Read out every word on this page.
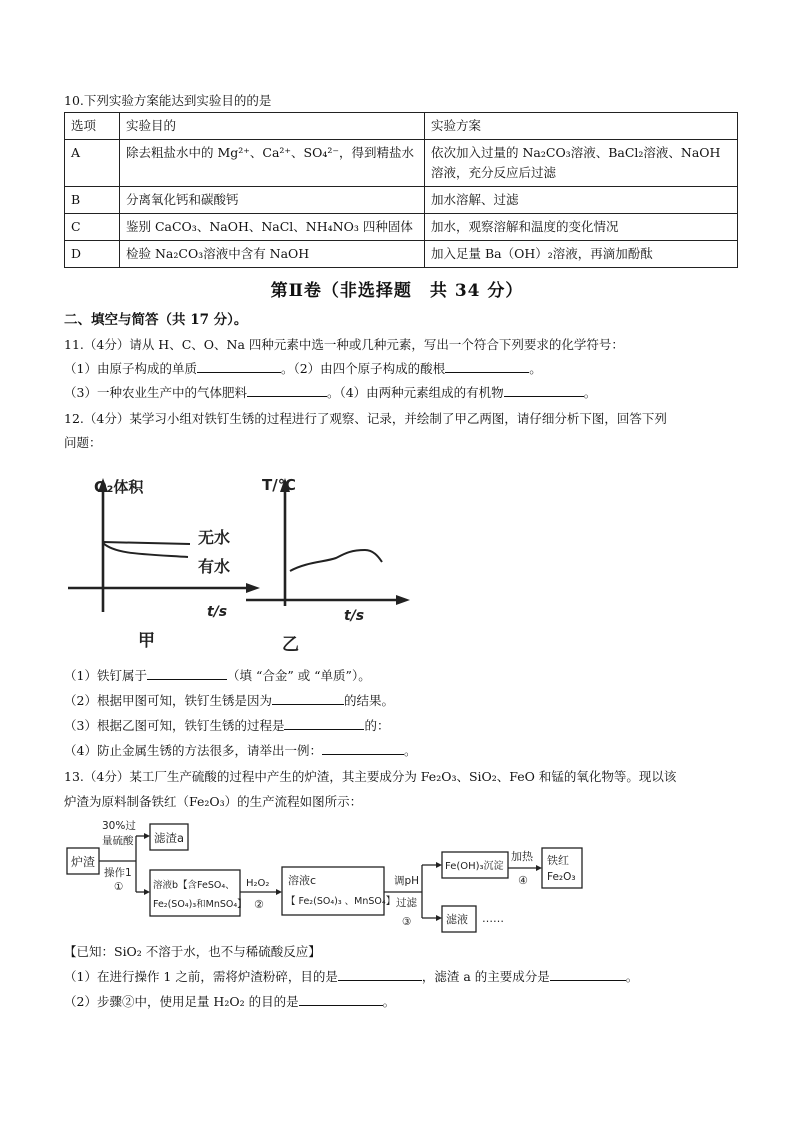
10.下列实验方案能达到实验目的的是
选项	实验目的	实验方案
A	除去粗盐水中的 Mg²⁺、Ca²⁺、SO₄²⁻，得到精盐水	依次加入过量的 Na₂CO₃溶液、BaCl₂溶液、NaOH
溶液，充分反应后过滤

B	分离氧化钙和碳酸钙	加水溶解、过滤
C	鉴别 CaCO₃、NaOH、NaCl、NH₄NO₃ 四种固体	加水，观察溶解和温度的变化情况
D	检验 Na₂CO₃溶液中含有 NaOH	加入足量 Ba（OH）₂溶液，再滴加酚酞
第Ⅱ卷（非选择题　共 34 分）
二、填空与简答（共 17 分）。
11.（4分）请从 H、C、O、Na 四种元素中选一种或几种元素，写出一个符合下列要求的化学符号：
（1）由原子构成的单质	。（2）由四个原子构成的酸根	。
（3）一种农业生产中的气体肥料	。（4）由两种元素组成的有机物	。
12.（4分）某学习小组对铁钉生锈的过程进行了观察、记录，并绘制了甲乙两图，请仔细分析下图，回答下列
问题：
O₂体积
无水
有水
t/s
甲
T/℃
t/s
乙
（1）铁钉属于	（填 “合金” 或 “单质”）。
（2）根据甲图可知，铁钉生锈是因为	的结果。
（3）根据乙图可知，铁钉生锈的过程是	的：
（4）防止金属生锈的方法很多，请举出一例：	。
13.（4分）某工厂生产硫酸的过程中产生的炉渣，其主要成分为 Fe₂O₃、SiO₂、FeO 和锰的氧化物等。现以该
炉渣为原料制备铁红（Fe₂O₃）的生产流程如图所示：
炉渣
30%过
量硫酸
操作1
①
滤渣a
溶液b【含FeSO₄、
Fe₂(SO₄)₃和MnSO₄】
H₂O₂
②
溶液c
【 Fe₂(SO₄)₃ 、MnSO₄】
调pH
过滤
③
Fe(OH)₃沉淀
加热
④
铁红
Fe₂O₃
滤液 ……
【已知：SiO₂ 不溶于水，也不与稀硫酸反应】
（1）在进行操作 1 之前，需将炉渣粉碎，目的是	，滤渣 a 的主要成分是	。
（2）步骤②中，使用足量 H₂O₂ 的目的是	。
